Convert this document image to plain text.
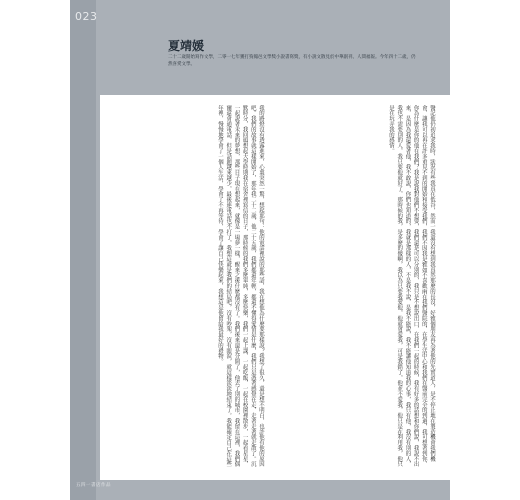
023
夏靖媛
二十二歲開始寫作文學，二零一七年獲打狗鳳邑文學獎小說書寫獎，有小說文散見於中華副刊、人間福報。今年四十二歲，仍然喜愛文學。
醫記他仍初追求我時，狀況有些我真在低谷，然而一我還沒有想到我真然那麼的長沒，好雅個朋友再為著他的先實道人，是不停止地在製造機會我們機會，讓我可以再在許多重見不到的開始和接受我們，我們不因我是雅如不喜歡兩在我們醫院的，在學生活中心和我們在醫前完全的到過，我可想著到你，你為什麼是你的他在我們？我是說我對他們不想要，我們還是可以分別的，我只是不想說出口，在我們一起的時候，我有好多的話想和你們說，我說不出來，是因為我還愛著他，我不敢說，你們也知道的，我就是那樣的人，不是我不說，是我不能說，我不能讓他知道我的心事，我只有他，我沒有別的人，我也不需要別的人，我只要他就好了，那時候的我，是多麼的傻啊，我以為只要我愛他，他就會愛我，可是我錯了，他並不愛我，他只是在利用我，他只是在玩弄我的感情。
我的路燈沒有透露進來，心裏突然一驚，想起那句：他的電話裡說的那些話，我在想他為什麼要那樣說？我想了很久，還是想不明白，也許他有他的原因吧。我們的故事就這樣開始了，那年我二十二歲，他二十五歲，我們都還年輕，都還不懂得愛情是什麼，我們只是憑著感覺在走，走著走著就走散了。沉默時分，我回頭想起大學時期我在宿舍裡寫信的日子，那時候的我們多麼單純，多麼快樂，我們一起上課，一起吃飯，一起在校園裡散步，一起看星星，一起說著未來的夢想，那些日子現在想起來，就像是一場夢一樣，醒來之後什麼都沒有了。我們後來還是分開了，他去了別的城市，我留在這裡，我們偶爾還會通電話，但是話題越來越少，最後連電話也不打了，我想這就是我們的結局吧，沒有吵架，沒有眼淚，就這樣淡淡地結束了。我能確定自己在這些年裡，慢慢地學會了一個人生活，學會了不再等待，學會了讓自己快樂起來，我想這是他留給我最好的禮物。
五四一書店作品
